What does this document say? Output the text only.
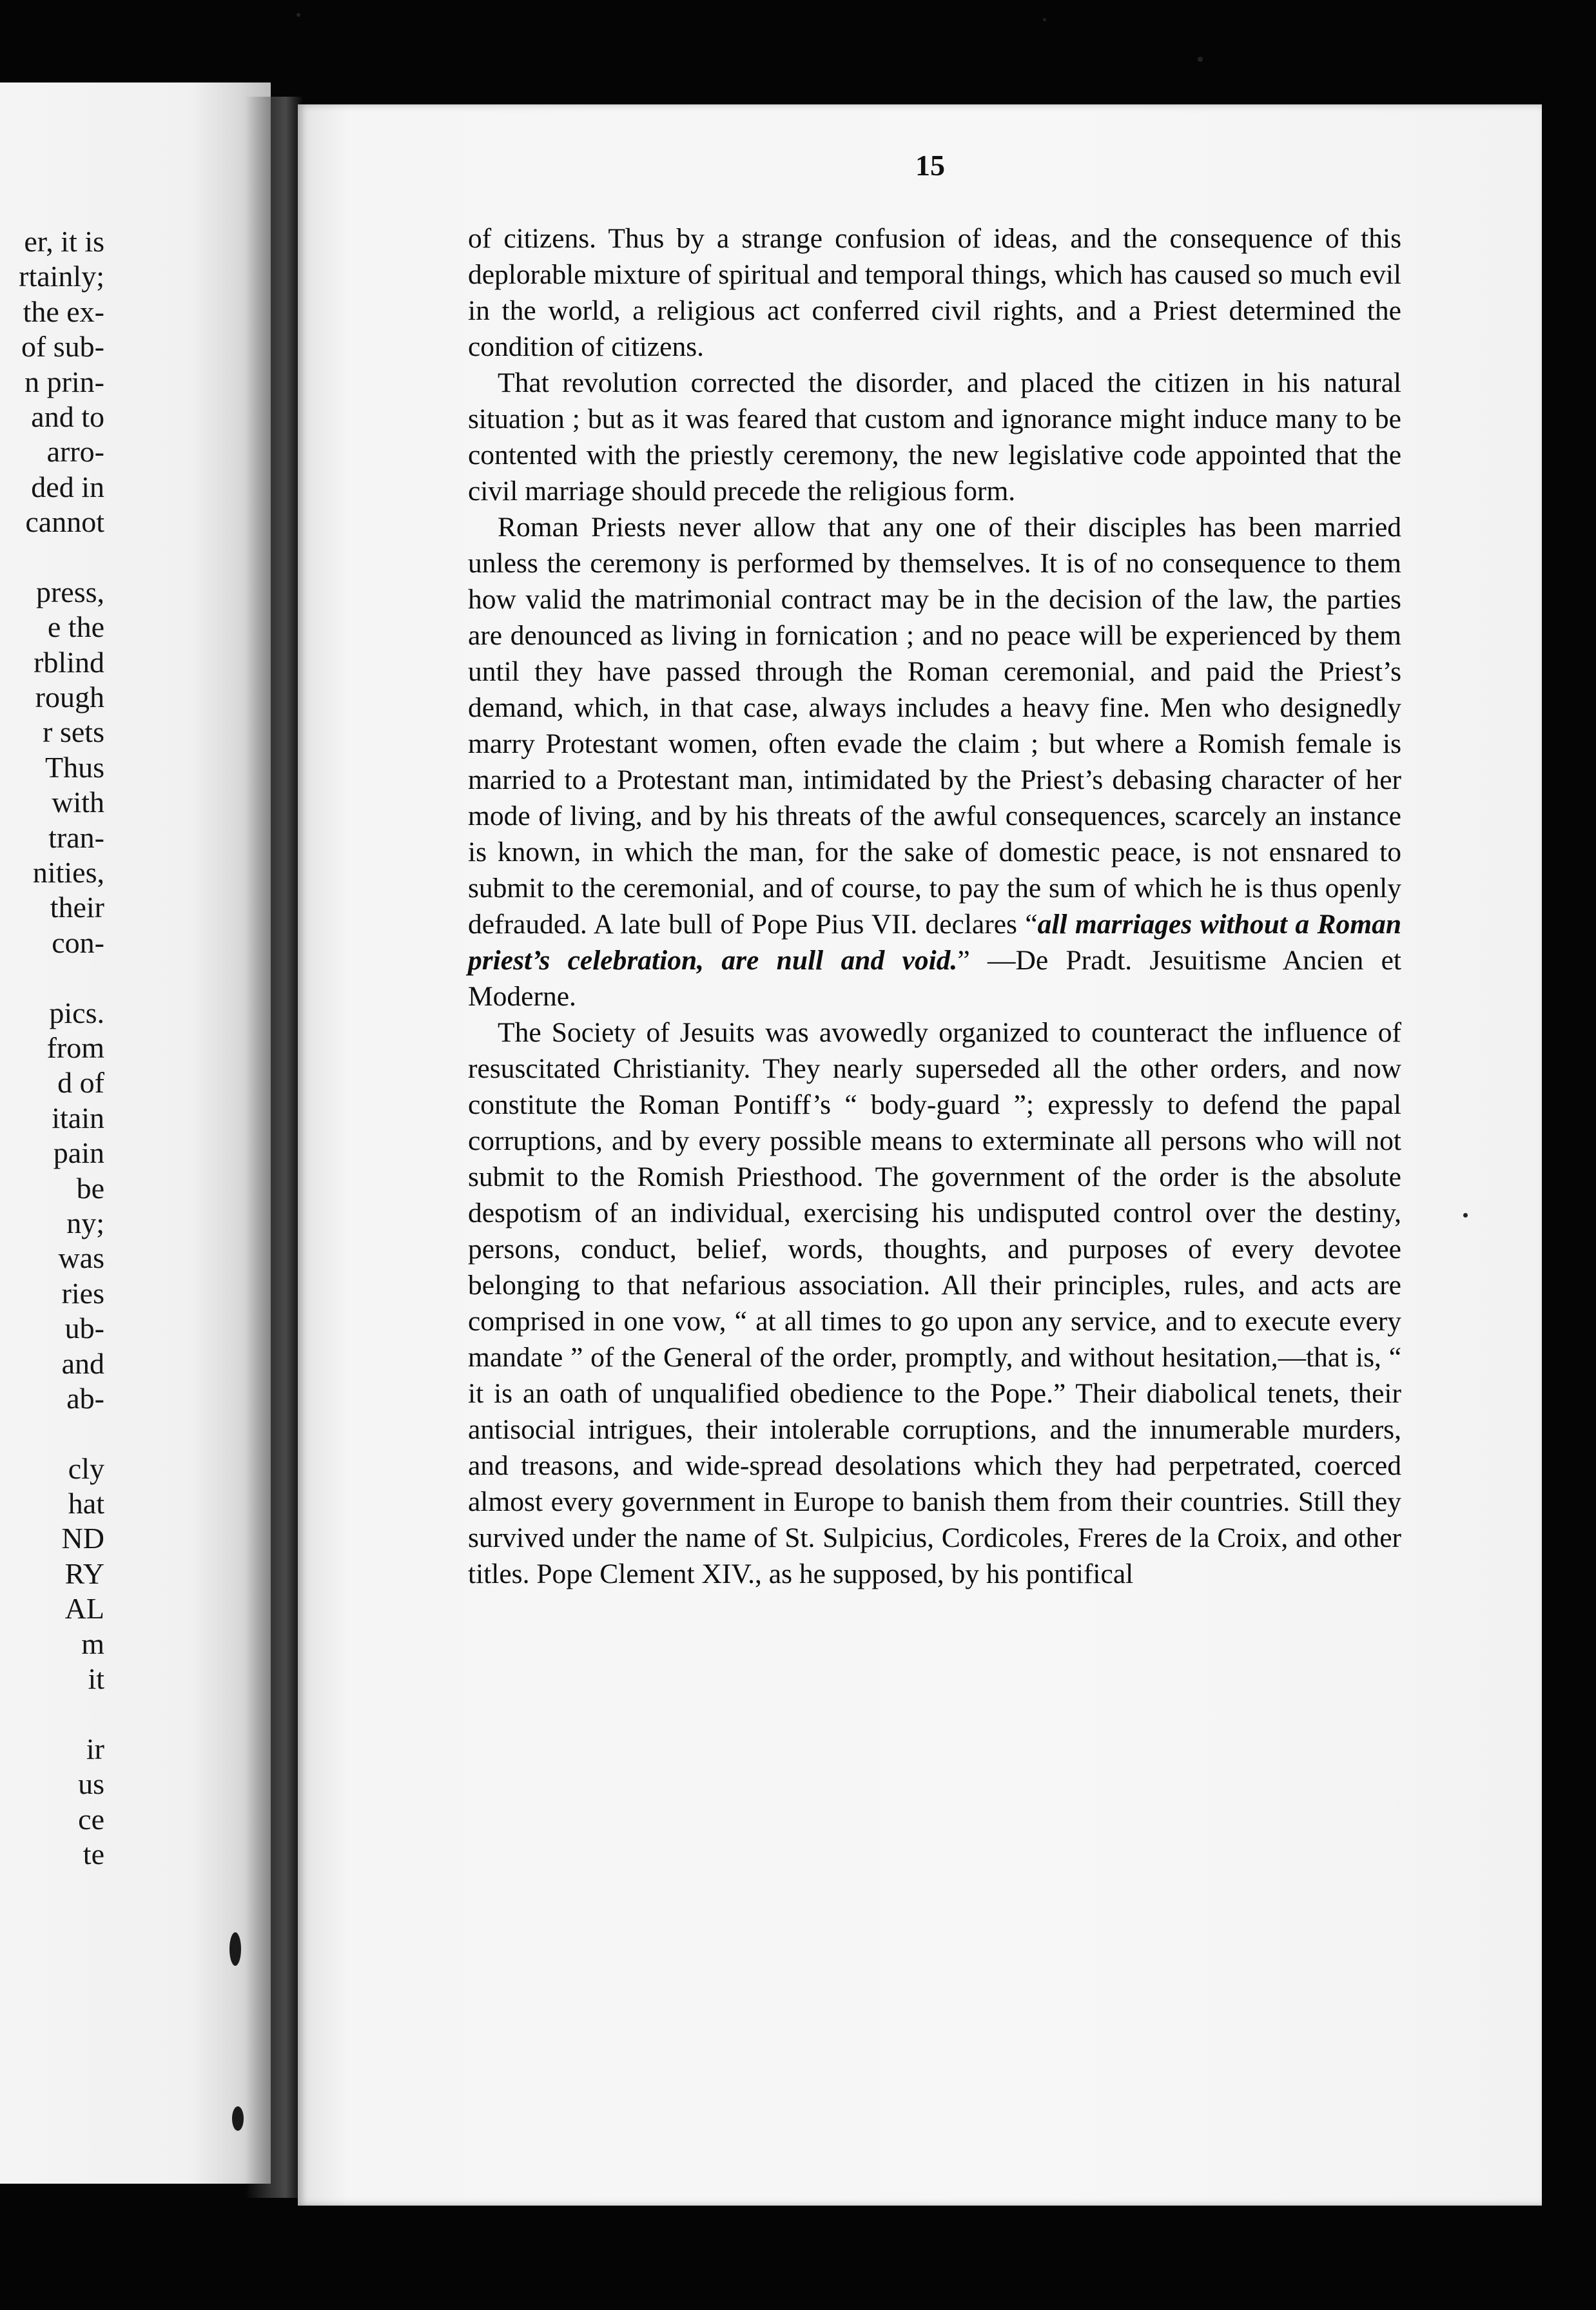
er, it is
rtainly;
the ex-
of sub-
n prin-
and to
arro-
ded in
cannot
press,
e the
rblind
rough
r sets
Thus
with
tran-
nities,
their
con-
pics.
from
d of
itain
pain
be
ny;
was
ries
ub-
and
ab-
cly
hat
ND
RY
AL
m
it
ir
us
ce
te
15

of citizens. Thus by a strange confusion of ideas, and the consequence of this deplorable mixture of spiritual and temporal things, which has caused so much evil in the world, a religious act conferred civil rights, and a Priest determined the condition of citizens.

That revolution corrected the disorder, and placed the citizen in his natural situation ; but as it was feared that custom and ignorance might induce many to be contented with the priestly ceremony, the new legislative code appointed that the civil marriage should precede the religious form.

Roman Priests never allow that any one of their disciples has been married unless the ceremony is performed by themselves. It is of no consequence to them how valid the matrimonial contract may be in the decision of the law, the parties are denounced as living in fornication ; and no peace will be experienced by them until they have passed through the Roman ceremonial, and paid the Priest’s demand, which, in that case, always includes a heavy fine. Men who designedly marry Protestant women, often evade the claim ; but where a Romish female is married to a Protestant man, intimidated by the Priest’s debasing character of her mode of living, and by his threats of the awful consequences, scarcely an instance is known, in which the man, for the sake of domestic peace, is not ensnared to submit to the ceremonial, and of course, to pay the sum of which he is thus openly defrauded. A late bull of Pope Pius VII. declares “all marriages without a Roman priest’s celebration, are null and void.” —De Pradt. Jesuitisme Ancien et Moderne.

The Society of Jesuits was avowedly organized to counteract the influence of resuscitated Christianity. They nearly superseded all the other orders, and now constitute the Roman Pontiff’s “ body-guard ”; expressly to defend the papal corruptions, and by every possible means to exterminate all persons who will not submit to the Romish Priesthood. The government of the order is the absolute despotism of an individual, exercising his undisputed control over the destiny, persons, conduct, belief, words, thoughts, and purposes of every devotee belonging to that nefarious association. All their principles, rules, and acts are comprised in one vow, “ at all times to go upon any service, and to execute every mandate ” of the General of the order, promptly, and without hesitation,—that is, “ it is an oath of unqualified obedience to the Pope.” Their diabolical tenets, their antisocial intrigues, their intolerable corruptions, and the innumerable murders, and treasons, and wide-spread desolations which they had perpetrated, coerced almost every government in Europe to banish them from their countries. Still they survived under the name of St. Sulpicius, Cordicoles, Freres de la Croix, and other titles. Pope Clement XIV., as he supposed, by his pontifical
